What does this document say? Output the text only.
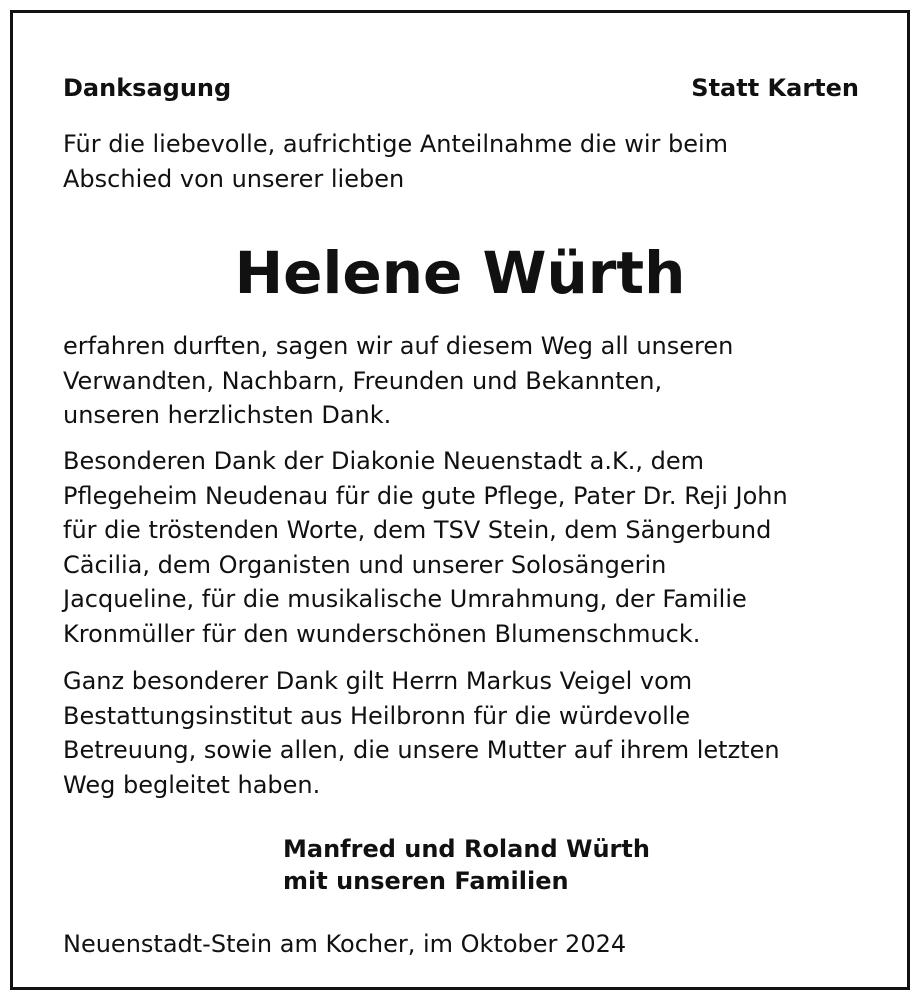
Danksagung	Statt Karten
Für die liebevolle, aufrichtige Anteilnahme die wir beim
Abschied von unserer lieben
Helene Würth
erfahren durften, sagen wir auf diesem Weg all unseren
Verwandten, Nachbarn, Freunden und Bekannten,
unseren herzlichsten Dank.
Besonderen Dank der Diakonie Neuenstadt a.K., dem
Pflegeheim Neudenau für die gute Pflege, Pater Dr. Reji John
für die tröstenden Worte, dem TSV Stein, dem Sängerbund
Cäcilia, dem Organisten und unserer Solosängerin
Jacqueline, für die musikalische Umrahmung, der Familie
Kronmüller für den wunderschönen Blumenschmuck.
Ganz besonderer Dank gilt Herrn Markus Veigel vom
Bestattungsinstitut aus Heilbronn für die würdevolle
Betreuung, sowie allen, die unsere Mutter auf ihrem letzten
Weg begleitet haben.
Manfred und Roland Würth
mit unseren Familien
Neuenstadt-Stein am Kocher, im Oktober 2024
